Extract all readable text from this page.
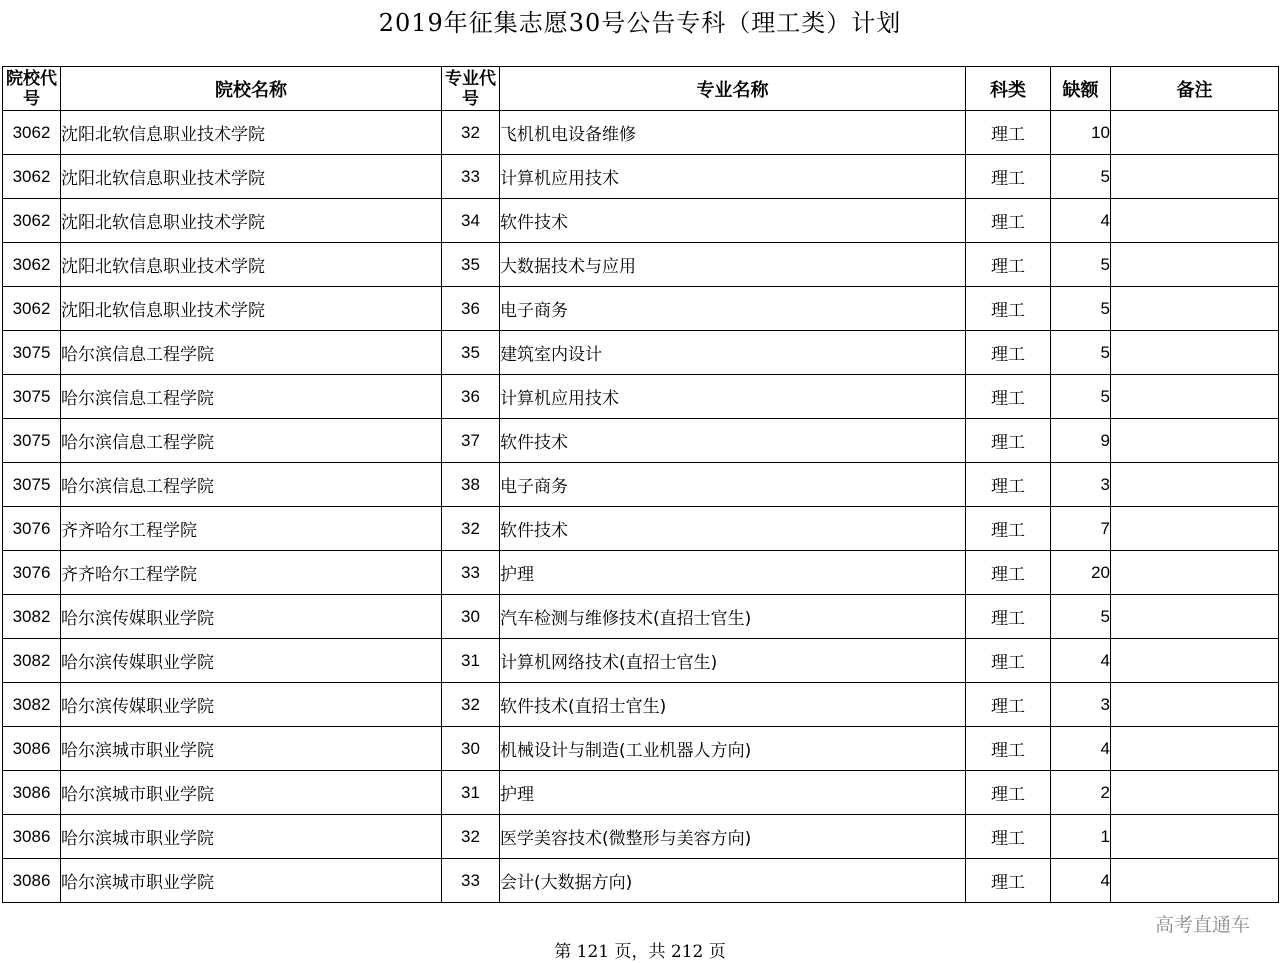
2019年征集志愿30号公告专科（理工类）计划
院校代号	院校名称	专业代号	专业名称	科类	缺额	备注
3062	沈阳北软信息职业技术学院	32	飞机机电设备维修	理工	10	
3062	沈阳北软信息职业技术学院	33	计算机应用技术	理工	5	
3062	沈阳北软信息职业技术学院	34	软件技术	理工	4	
3062	沈阳北软信息职业技术学院	35	大数据技术与应用	理工	5	
3062	沈阳北软信息职业技术学院	36	电子商务	理工	5	
3075	哈尔滨信息工程学院	35	建筑室内设计	理工	5	
3075	哈尔滨信息工程学院	36	计算机应用技术	理工	5	
3075	哈尔滨信息工程学院	37	软件技术	理工	9	
3075	哈尔滨信息工程学院	38	电子商务	理工	3	
3076	齐齐哈尔工程学院	32	软件技术	理工	7	
3076	齐齐哈尔工程学院	33	护理	理工	20	
3082	哈尔滨传媒职业学院	30	汽车检测与维修技术(直招士官生)	理工	5	
3082	哈尔滨传媒职业学院	31	计算机网络技术(直招士官生)	理工	4	
3082	哈尔滨传媒职业学院	32	软件技术(直招士官生)	理工	3	
3086	哈尔滨城市职业学院	30	机械设计与制造(工业机器人方向)	理工	4	
3086	哈尔滨城市职业学院	31	护理	理工	2	
3086	哈尔滨城市职业学院	32	医学美容技术(微整形与美容方向)	理工	1	
3086	哈尔滨城市职业学院	33	会计(大数据方向)	理工	4	
高考直通车
第 121 页，共 212 页
